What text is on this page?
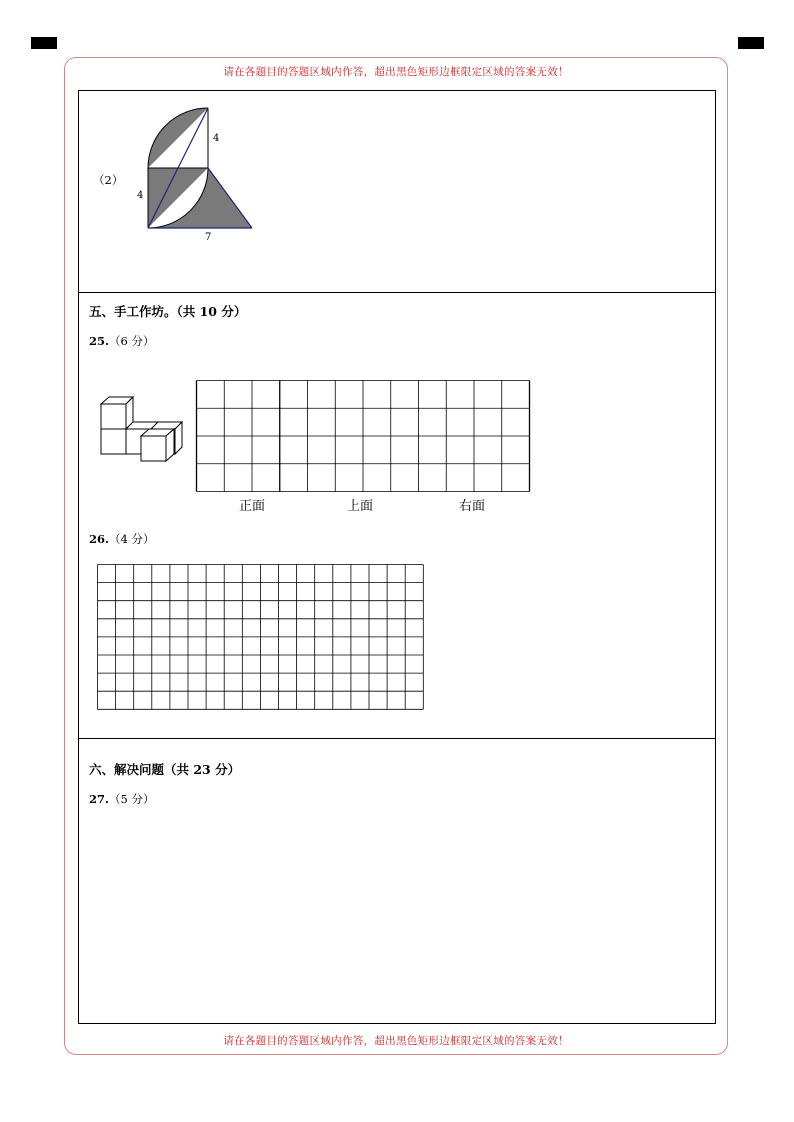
请在各题目的答题区域内作答，超出黑色矩形边框限定区域的答案无效！
请在各题目的答题区域内作答，超出黑色矩形边框限定区域的答案无效！
（2）
4
4
7
五、手工作坊。（共 10 分）
25.（6 分）
正面	上面	右面
26.（4 分）
六、解决问题（共 23 分）
27.（5 分）
